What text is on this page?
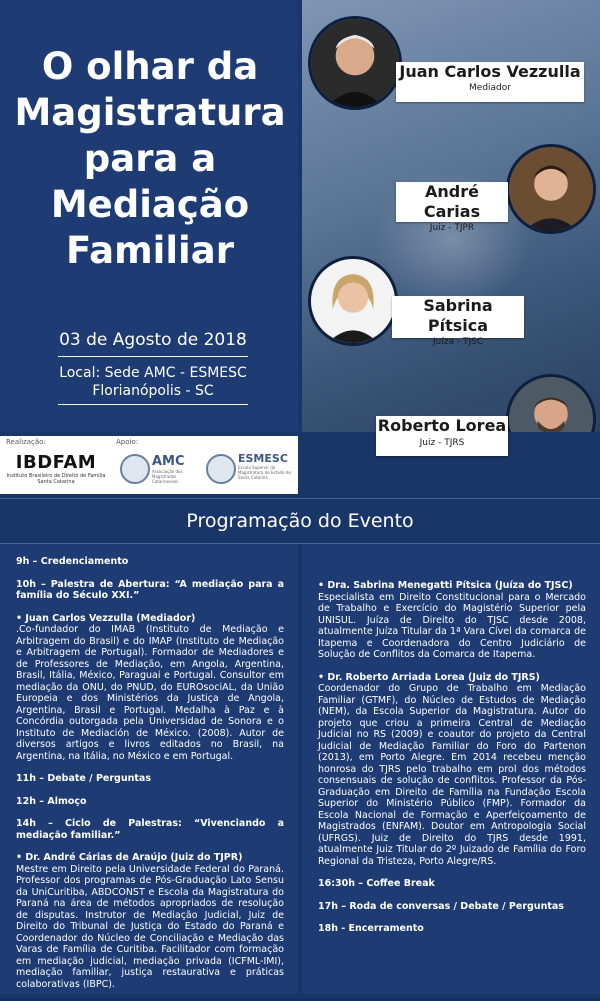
O olhar da Magistratura para a Mediação Familiar
03 de Agosto de 2018
Local: Sede AMC - ESMESC
Florianópolis - SC
Juan Carlos Vezzulla
Mediador
André Carias
Juiz - TJPR
Sabrina Pítsica
Juíza - TJSC
Roberto Lorea
Juiz - TJRS
Realização:	Apoio:
IBDFAM
Instituto Brasileiro de Direito de Família
Santa Catarina
AMC
Associação dos Magistrados Catarinenses
ESMESC
Escola Superior da Magistratura do Estado de Santa Catarina
Programação do Evento

9h – Credenciamento

10h – Palestra de Abertura: “A mediação para a família do Século XXI.”

• Juan Carlos Vezzulla (Mediador)
.Co-fundador do IMAB (Instituto de Mediação e Arbitragem do Brasil) e do IMAP (Instituto de Mediação e Arbitragem de Portugal). Formador de Mediadores e de Professores de Mediação, em Angola, Argentina, Brasil, Itália, México, Paraguai e Portugal. Consultor em mediação da ONU, do PNUD, do EUROsociAL, da União Europeia e dos Ministérios da Justiça de Angola, Argentina, Brasil e Portugal. Medalha à Paz e à Concórdia outorgada pela Universidad de Sonora e o Instituto de Mediación de México. (2008). Autor de diversos artigos e livros editados no Brasil, na Argentina, na Itália, no México e em Portugal.

11h – Debate / Perguntas

12h – Almoço

14h – Ciclo de Palestras: “Vivenciando a mediação familiar.”

• Dr. André Cárias de Araújo (Juiz do TJPR)
Mestre em Direito pela Universidade Federal do Paraná. Professor dos programas de Pós-Graduação Lato Sensu da UniCuritiba, ABDCONST e Escola da Magistratura do Paraná na área de métodos apropriados de resolução de disputas. Instrutor de Mediação Judicial, Juiz de Direito do Tribunal de Justiça do Estado do Paraná e Coordenador do Núcleo de Conciliação e Mediação das Varas de Família de Curitiba. Facilitador com formação em mediação judicial, mediação privada (ICFML-IMI), mediação familiar, justiça restaurativa e práticas colaborativas (IBPC).

• Dra. Sabrina Menegatti Pítsica (Juíza do TJSC)
Especialista em Direito Constitucional para o Mercado de Trabalho e Exercício do Magistério Superior pela UNISUL. Juíza de Direito do TJSC desde 2008, atualmente Juíza Titular da 1ª Vara Cível da comarca de Itapema e Coordenadora do Centro Judiciário de Solução de Conflitos da Comarca de Itapema.

• Dr. Roberto Arriada Lorea (Juiz do TJRS)
Coordenador do Grupo de Trabalho em Mediação Familiar (GTMF), do Núcleo de Estudos de Mediação (NEM), da Escola Superior da Magistratura. Autor do projeto que criou a primeira Central de Mediação Judicial no RS (2009) e coautor do projeto da Central Judicial de Mediação Familiar do Foro do Partenon (2013), em Porto Alegre. Em 2014 recebeu menção honrosa do TJRS pelo trabalho em prol dos métodos consensuais de solução de conflitos. Professor da Pós- Graduação em Direito de Família na Fundação Escola Superior do Ministério Público (FMP). Formador da Escola Nacional de Formação e Aperfeiçoamento de Magistrados (ENFAM). Doutor em Antropologia Social (UFRGS). Juiz de Direito do TJRS desde 1991, atualmente Juiz Titular do 2º Juizado de Família do Foro Regional da Tristeza, Porto Alegre/RS.

16:30h – Coffee Break

17h – Roda de conversas / Debate / Perguntas

18h - Encerramento
